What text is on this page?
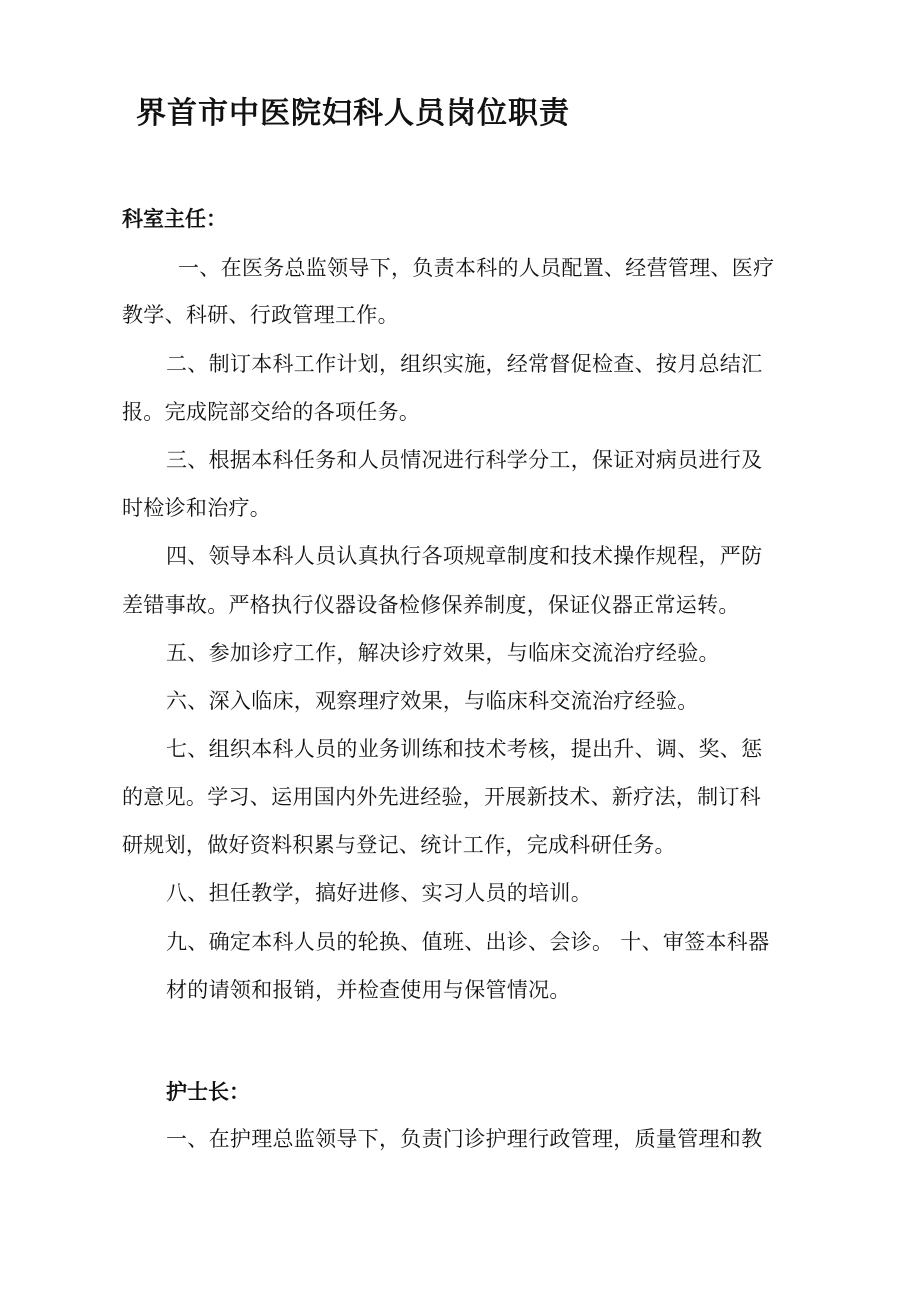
界首市中医院妇科人员岗位职责
科室主任：

一、在医务总监领导下，负责本科的人员配置、经营管理、医疗

教学、科研、行政管理工作。

二、制订本科工作计划，组织实施，经常督促检查、按月总结汇

报。完成院部交给的各项任务。

三、根据本科任务和人员情况进行科学分工，保证对病员进行及

时检诊和治疗。

四、领导本科人员认真执行各项规章制度和技术操作规程，严防

差错事故。严格执行仪器设备检修保养制度，保证仪器正常运转。

五、参加诊疗工作，解决诊疗效果，与临床交流治疗经验。

六、深入临床，观察理疗效果，与临床科交流治疗经验。

七、组织本科人员的业务训练和技术考核，提出升、调、奖、惩

的意见。学习、运用国内外先进经验，开展新技术、新疗法，制订科

研规划，做好资料积累与登记、统计工作，完成科研任务。

八、担任教学，搞好进修、实习人员的培训。

九、确定本科人员的轮换、值班、出诊、会诊。 十、审签本科器

材的请领和报销，并检查使用与保管情况。

护士长：

一、在护理总监领导下，负责门诊护理行政管理，质量管理和教
